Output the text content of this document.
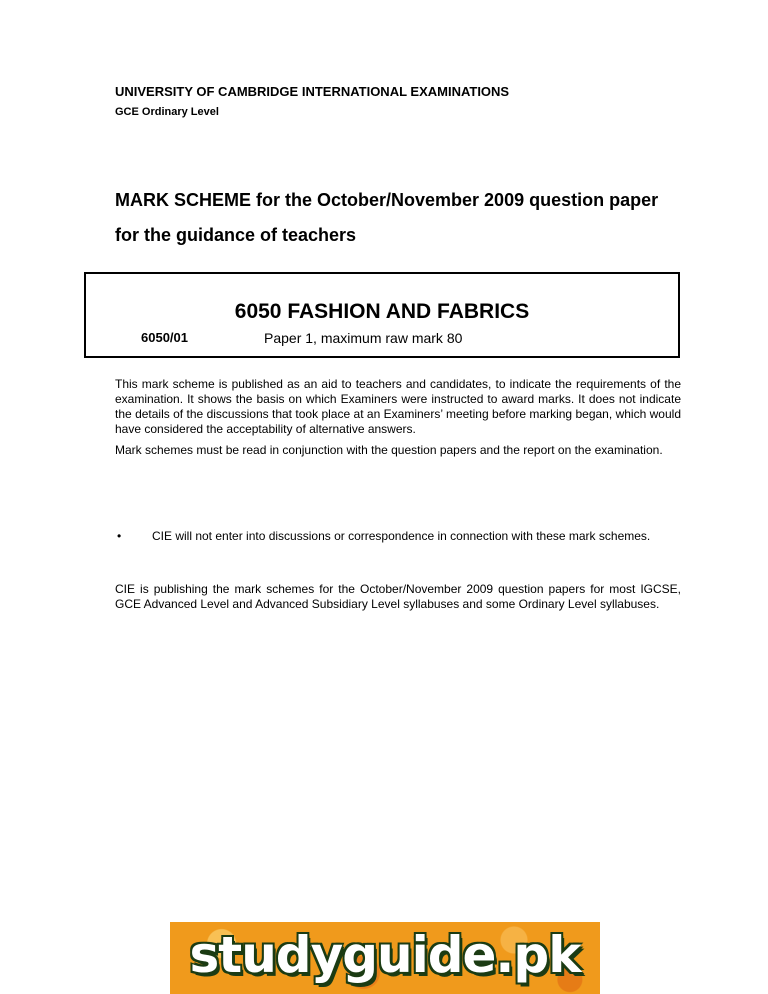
UNIVERSITY OF CAMBRIDGE INTERNATIONAL EXAMINATIONS
GCE Ordinary Level
MARK SCHEME for the October/November 2009 question paper
for the guidance of teachers
6050 FASHION AND FABRICS
6050/01	Paper 1, maximum raw mark 80
This mark scheme is published as an aid to teachers and candidates, to indicate the requirements of the examination. It shows the basis on which Examiners were instructed to award marks. It does not indicate the details of the discussions that took place at an Examiners’ meeting before marking began, which would have considered the acceptability of alternative answers.
Mark schemes must be read in conjunction with the question papers and the report on the examination.
•	CIE will not enter into discussions or correspondence in connection with these mark schemes.
CIE is publishing the mark schemes for the October/November 2009 question papers for most IGCSE, GCE Advanced Level and Advanced Subsidiary Level syllabuses and some Ordinary Level syllabuses.
studyguide.pk
